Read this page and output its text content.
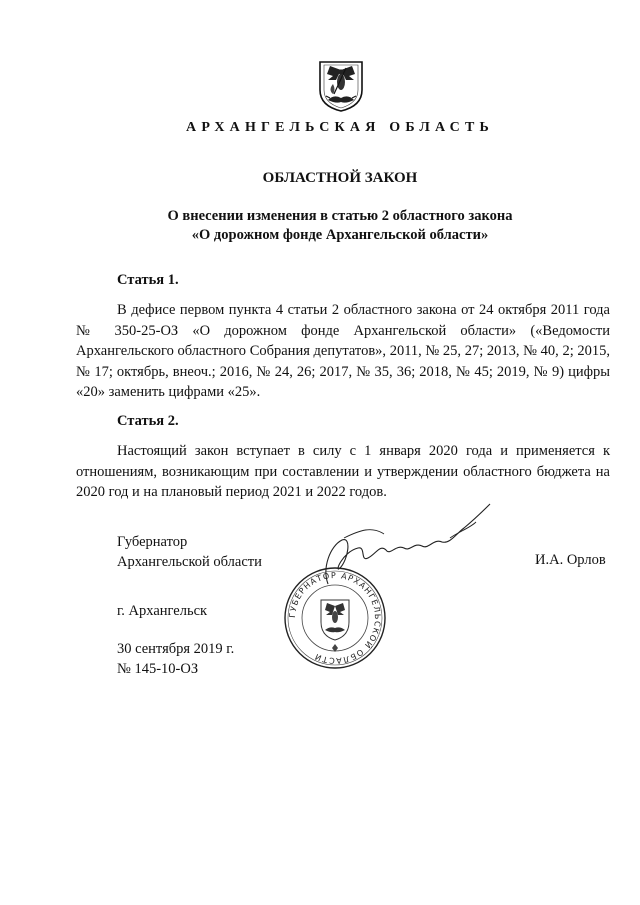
АРХАНГЕЛЬСКАЯ ОБЛАСТЬ
ОБЛАСТНОЙ ЗАКОН
О внесении изменения в статью 2 областного закона
«О дорожном фонде Архангельской области»
Статья 1.
В дефисе первом пункта 4 статьи 2 областного закона от 24 октября 2011 года № 350-25-ОЗ «О дорожном фонде Архангельской области» («Ведомости Архангельского областного Собрания депутатов», 2011, № 25, 27; 2013, № 40, 2; 2015, № 17; октябрь, внеоч.; 2016, № 24, 26; 2017, № 35, 36; 2018, № 45; 2019, № 9) цифры «20» заменить цифрами «25».
Статья 2.
Настоящий закон вступает в силу с 1 января 2020 года и применяется к отношениям, возникающим при составлении и утверждении областного бюджета на 2020 год и на плановый период 2021 и 2022 годов.
Губернатор
Архангельской области	И.А. Орлов
г. Архангельск
30 сентября 2019 г.
№ 145-10-ОЗ
ГУБЕРНАТОР АРХАНГЕЛЬСКОЙ ОБЛАСТИ
